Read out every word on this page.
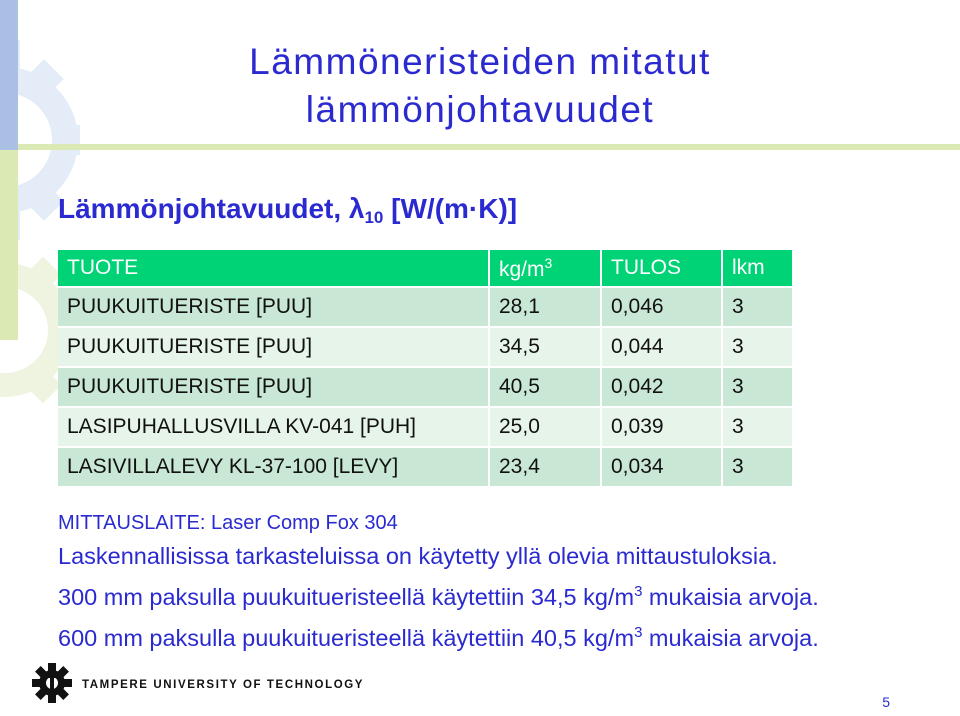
Lämmöneristeiden mitatut
lämmönjohtavuudet
Lämmönjohtavuudet, $\lambda_{10}$ [W/(m·K)]
TUOTE	$kg/m^3$	TULOS	lkm
PUUKUITUERISTE [PUU]	28,1	0,046	3
PUUKUITUERISTE [PUU]	34,5	0,044	3
PUUKUITUERISTE [PUU]	40,5	0,042	3
LASIPUHALLUSVILLA KV-041 [PUH]	25,0	0,039	3
LASIVILLALEVY KL-37-100 [LEVY]	23,4	0,034	3
MITTAUSLAITE: Laser Comp Fox 304
Laskennallisissa tarkasteluissa on käytetty yllä olevia mittaustuloksia.
300 mm paksulla puukuitueristeellä käytettiin 34,5 $kg/m^3$ mukaisia arvoja.
600 mm paksulla puukuitueristeellä käytettiin 40,5 $kg/m^3$ mukaisia arvoja.
TAMPERE UNIVERSITY OF TECHNOLOGY
5
